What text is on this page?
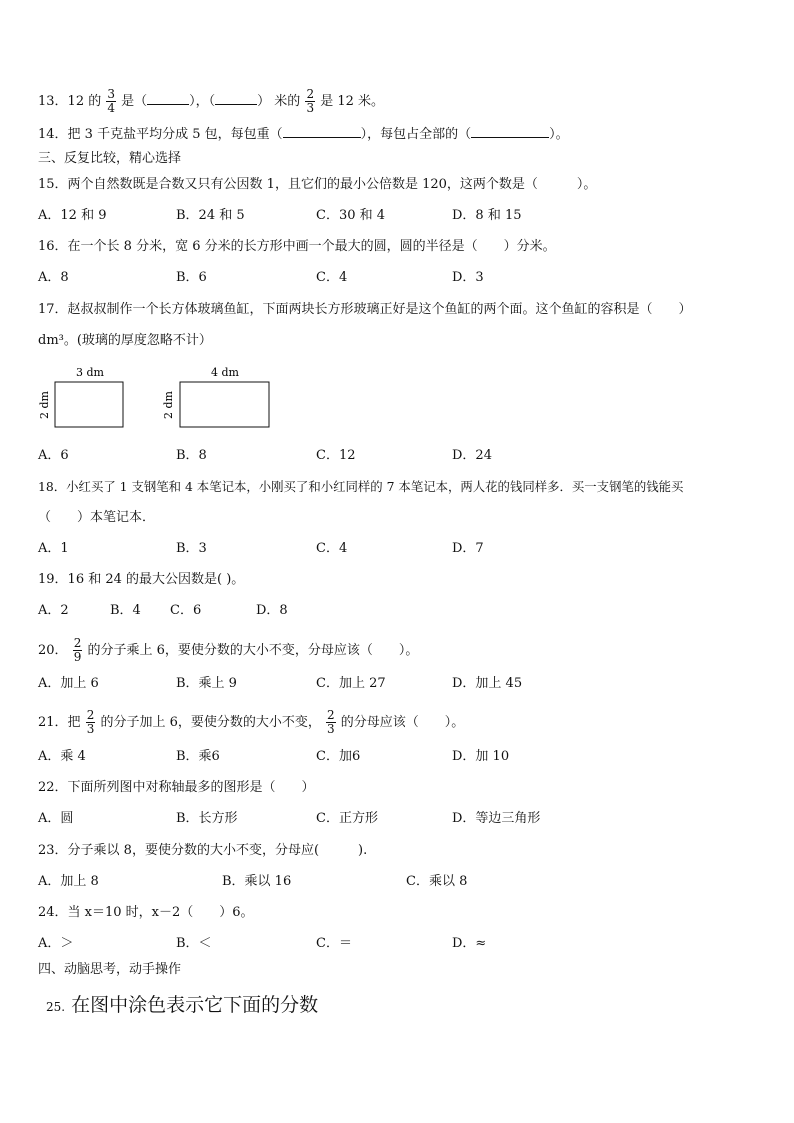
13．12 的 $\frac{3}{4}$ 是（	），（	） 米的 $\frac{2}{3}$ 是 12 米。
14．把 3 千克盐平均分成 5 包，每包重（	），每包占全部的（	）。
三、反复比较，精心选择
15．两个自然数既是合数又只有公因数 1，且它们的最小公倍数是 120，这两个数是（　　　）。
A．12 和 9	B．24 和 5	C．30 和 4	D．8 和 15
16．在一个长 8 分米，宽 6 分米的长方形中画一个最大的圆，圆的半径是（　　）分米。
A．8	B．6	C．4	D．3
17．赵叔叔制作一个长方体玻璃鱼缸，下面两块长方形玻璃正好是这个鱼缸的两个面。这个鱼缸的容积是（　　）
dm³。(玻璃的厚度忽略不计）
3 dm
2 dm
4 dm
2 dm
A．6	B．8	C．12	D．24
18．小红买了 1 支钢笔和 4 本笔记本，小刚买了和小红同样的 7 本笔记本，两人花的钱同样多．买一支钢笔的钱能买
（　　）本笔记本．
A．1	B．3	C．4	D．7
19．16 和 24 的最大公因数是( )。
A．2	B．4 C．6	D．8
20． $\frac{2}{9}$ 的分子乘上 6，要使分数的大小不变，分母应该（　　）。
A．加上 6	B．乘上 9	C．加上 27	D．加上 45
21．把 $\frac{2}{3}$ 的分子加上 6，要使分数的大小不变， $\frac{2}{3}$ 的分母应该（　　）。
A．乘 4	B．乘6	C．加6	D．加 10
22．下面所列图中对称轴最多的图形是（　　）
A．圆	B．长方形	C．正方形	D．等边三角形
23．分子乘以 8，要使分数的大小不变，分母应(　　　).
A．加上 8	B．乘以 16	C．乘以 8
24．当 x＝10 时，x－2（　　）6。
A．＞	B．＜	C．＝	D．≈
四、动脑思考，动手操作
25. 在图中涂色表示它下面的分数
